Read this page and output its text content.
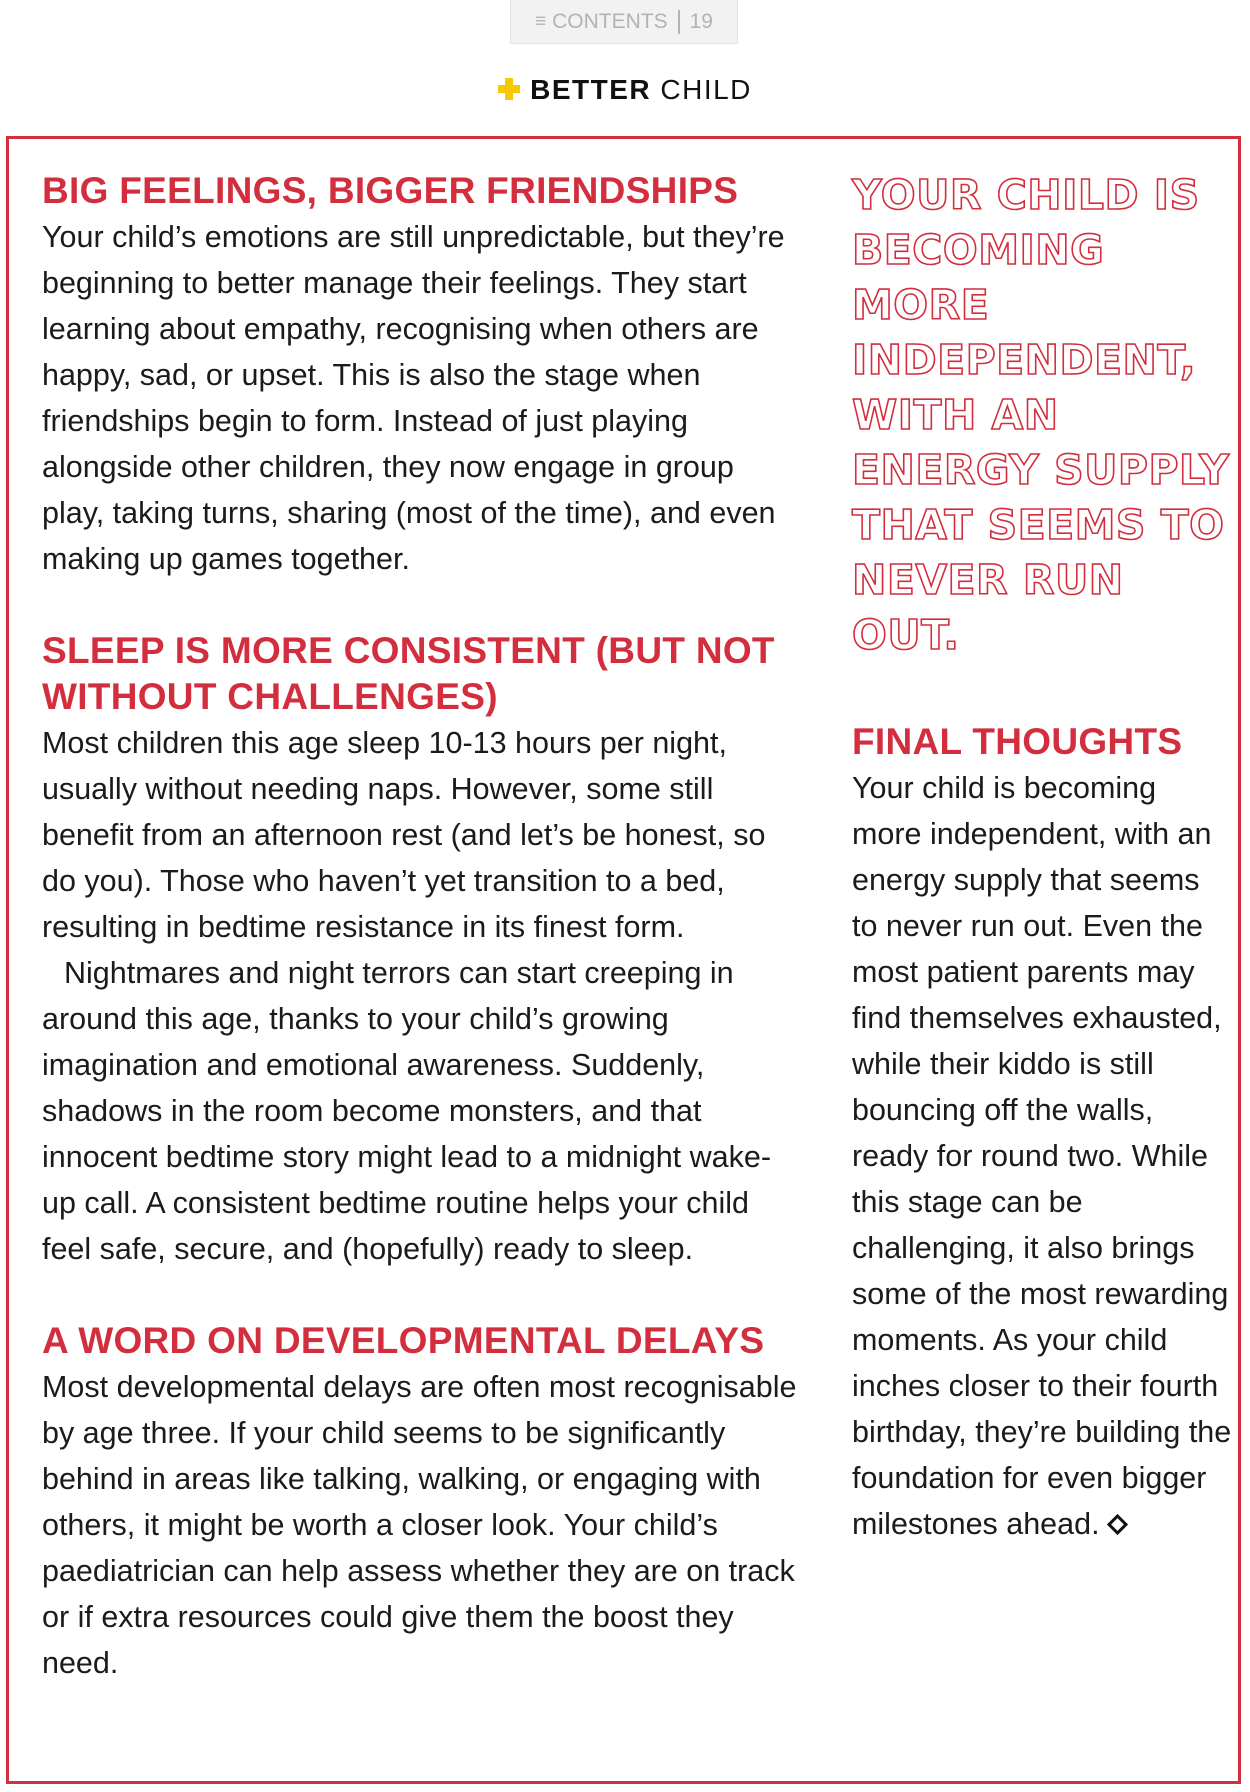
≡ CONTENTS 19
BETTER CHILD
BIG FEELINGS, BIGGER FRIENDSHIPS

Your child’s emotions are still unpredictable, but they’re beginning to better manage their feelings. They start learning about empathy, recognising when others are happy, sad, or upset. This is also the stage when friendships begin to form. Instead of just playing alongside other children, they now engage in group play, taking turns, sharing (most of the time), and even making up games together.

SLEEP IS MORE CONSISTENT (BUT NOT WITHOUT CHALLENGES)

Most children this age sleep 10-13 hours per night, usually without needing naps. However, some still benefit from an afternoon rest (and let’s be honest, so do you). Those who haven’t yet transition to a bed, resulting in bedtime resistance in its finest form.

Nightmares and night terrors can start creeping in around this age, thanks to your child’s growing imagination and emotional awareness. Suddenly, shadows in the room become monsters, and that innocent bedtime story might lead to a midnight wake-up call. A consistent bedtime routine helps your child feel safe, secure, and (hopefully) ready to sleep.

A WORD ON DEVELOPMENTAL DELAYS

Most developmental delays are often most recognisable by age three. If your child seems to be significantly behind in areas like talking, walking, or engaging with others, it might be worth a closer look. Your child’s paediatrician can help assess whether they are on track or if extra resources could give them the boost they need.

YOUR CHILD IS BECOMING MORE INDEPENDENT, WITH AN ENERGY SUPPLY THAT SEEMS TO NEVER RUN OUT.

FINAL THOUGHTS

Your child is becoming more independent, with an energy supply that seems to never run out. Even the most patient parents may find themselves exhausted, while their kiddo is still bouncing off the walls, ready for round two. While this stage can be challenging, it also brings some of the most rewarding moments. As your child inches closer to their fourth birthday, they’re building the foundation for even bigger milestones ahead.
